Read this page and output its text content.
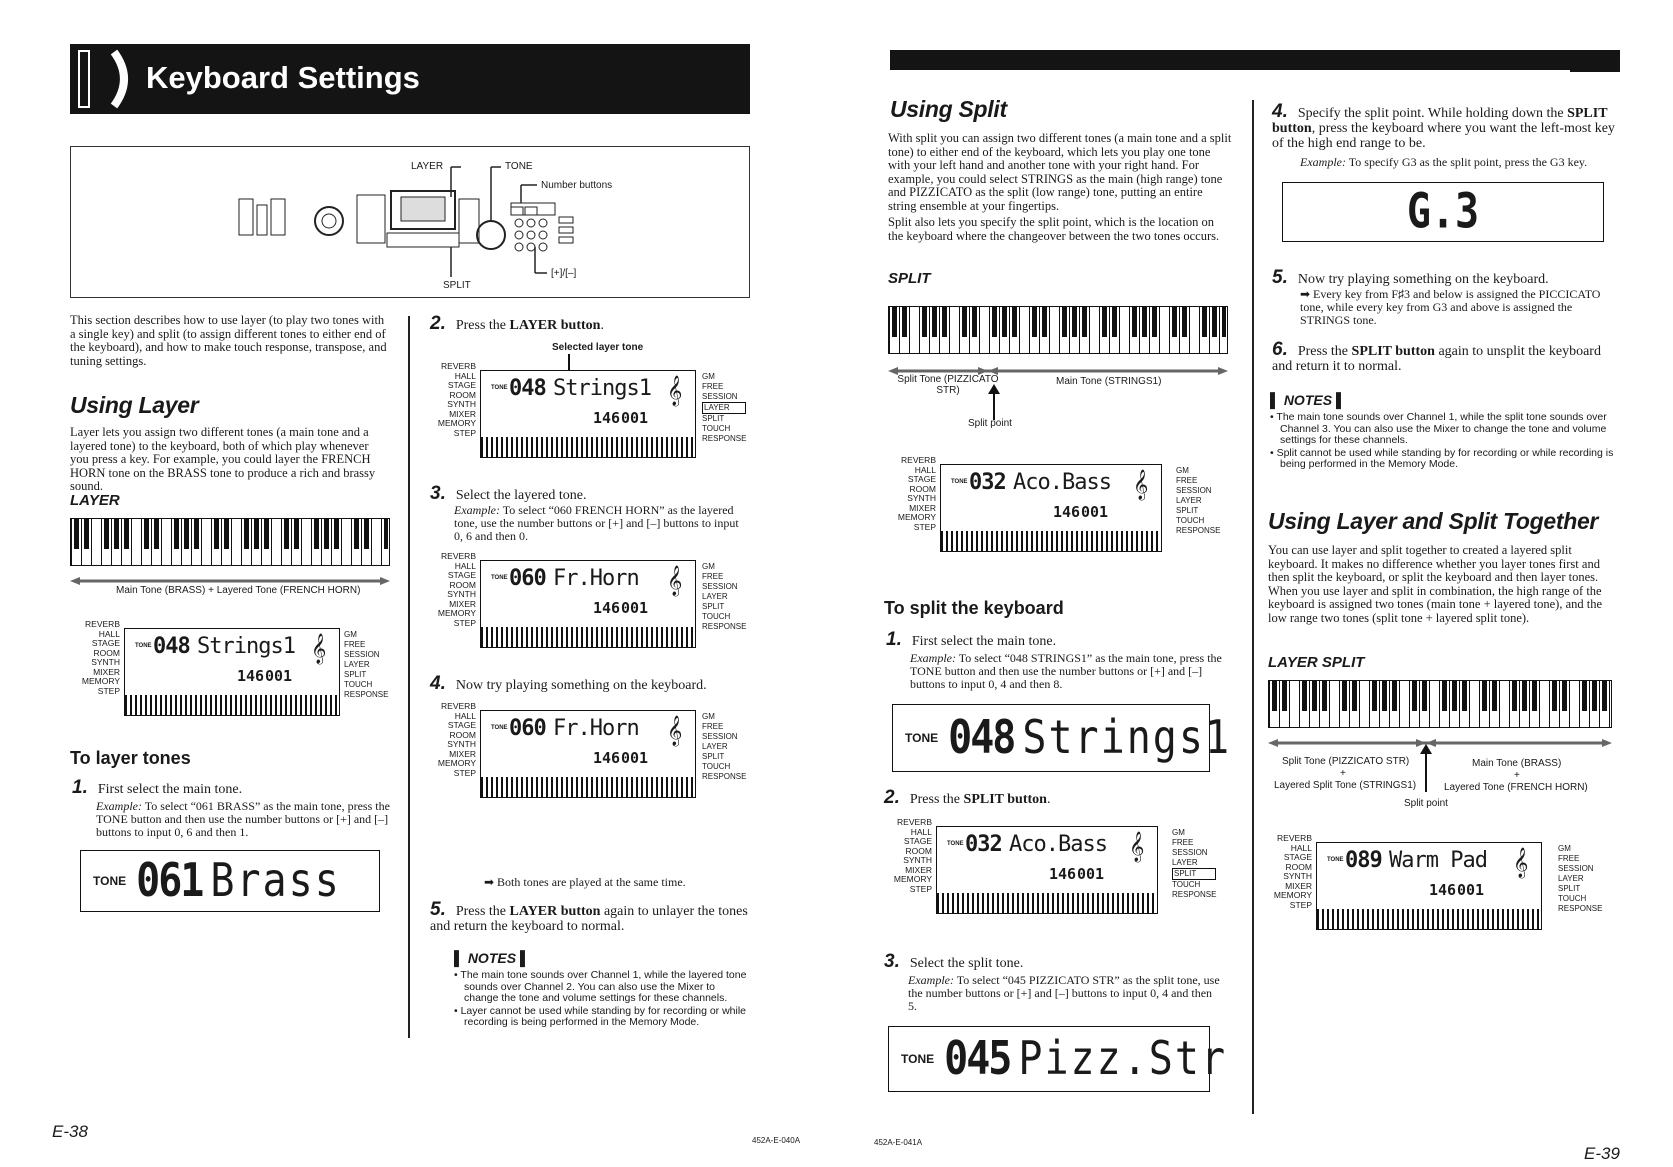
Keyboard Settings
LAYER	TONE
Number buttons
SPLIT
[+]/[–]
This section describes how to use layer (to play two tones with a single key) and split (to assign different tones to either end of the keyboard), and how to make touch response, transpose, and tuning settings.
Using Layer
Layer lets you assign two different tones (a main tone and a layered tone) to the keyboard, both of which play whenever you press a key. For example, you could layer the FRENCH HORN tone on the BRASS tone to produce a rich and brassy sound.
LAYER
Main Tone (BRASS) + Layered Tone (FRENCH HORN)
REVERB
HALL
STAGE
ROOM
SYNTH
MIXER
MEMORY
STEP
TONE 048 Strings1
146 001
𝄞 GM
FREE SESSION
LAYER
SPLIT
TOUCH RESPONSE
To layer tones
1. First select the main tone.
Example: To select “061 BRASS” as the main tone, press the TONE button and then use the number buttons or [+] and [–] buttons to input 0, 6 and then 1.
TONE 061 Brass
2. Press the LAYER button.
Selected layer tone
REVERB
HALL
STAGE
ROOM
SYNTH
MIXER
MEMORY
STEP
TONE 048 Strings1
146 001
𝄞 GM
FREE SESSION
LAYER
SPLIT
TOUCH RESPONSE
3. Select the layered tone.
Example: To select “060 FRENCH HORN” as the layered tone, use the number buttons or [+] and [–] buttons to input 0, 6 and then 0.
REVERB
HALL
STAGE
ROOM
SYNTH
MIXER
MEMORY
STEP
TONE 060 Fr.Horn
146 001
𝄞 GM
FREE SESSION
LAYER
SPLIT
TOUCH RESPONSE
4. Now try playing something on the keyboard.
REVERB
HALL
STAGE
ROOM
SYNTH
MIXER
MEMORY
STEP
TONE 060 Fr.Horn
146 001
𝄞 GM
FREE SESSION
LAYER
SPLIT
TOUCH RESPONSE
➡ Both tones are played at the same time.
5. Press the LAYER button again to unlayer the tones and return the keyboard to normal.
▌ NOTES ▌
• The main tone sounds over Channel 1, while the layered tone sounds over Channel 2. You can also use the Mixer to change the tone and volume settings for these channels.
• Layer cannot be used while standing by for recording or while recording is being performed in the Memory Mode.
E-38	452A-E-040A
Using Split
With split you can assign two different tones (a main tone and a split tone) to either end of the keyboard, which lets you play one tone with your left hand and another tone with your right hand. For example, you could select STRINGS as the main (high range) tone and PIZZICATO as the split (low range) tone, putting an entire string ensemble at your fingertips.
Split also lets you specify the split point, which is the location on the keyboard where the changeover between the two tones occurs.
SPLIT
Split Tone (PIZZICATO STR)
Main Tone (STRINGS1)
Split point
REVERB
HALL
STAGE
ROOM
SYNTH
MIXER
MEMORY
STEP
TONE 032 Aco.Bass
146 001
𝄞	GM
FREE SESSION
LAYER
SPLIT
TOUCH RESPONSE
To split the keyboard
1. First select the main tone.
Example: To select “048 STRINGS1” as the main tone, press the TONE button and then use the number buttons or [+] and [–] buttons to input 0, 4 and then 8.
TONE 048 Strings1
2. Press the SPLIT button.
REVERB
HALL
STAGE
ROOM
SYNTH
MIXER
MEMORY
STEP
TONE 032 Aco.Bass
146 001
𝄞	GM
FREE SESSION
LAYER
SPLIT
TOUCH RESPONSE
3. Select the split tone.
Example: To select “045 PIZZICATO STR” as the split tone, use the number buttons or [+] and [–] buttons to input 0, 4 and then 5.
TONE 045 Pizz.Str
452A-E-041A
4. Specify the split point. While holding down the SPLIT button, press the keyboard where you want the left-most key of the high end range to be.
Example: To specify G3 as the split point, press the G3 key.
G.3
5. Now try playing something on the keyboard.
➡ Every key from F♯3 and below is assigned the PICCICATO tone, while every key from G3 and above is assigned the STRINGS tone.
6. Press the SPLIT button again to unsplit the keyboard and return it to normal.
▌ NOTES ▌
• The main tone sounds over Channel 1, while the split tone sounds over Channel 3. You can also use the Mixer to change the tone and volume settings for these channels.
• Split cannot be used while standing by for recording or while recording is being performed in the Memory Mode.
Using Layer and Split Together
You can use layer and split together to created a layered split keyboard. It makes no difference whether you layer tones first and then split the keyboard, or split the keyboard and then layer tones. When you use layer and split in combination, the high range of the keyboard is assigned two tones (main tone + layered tone), and the low range two tones (split tone + layered split tone).
LAYER SPLIT
Split Tone (PIZZICATO STR)
+
Layered Split Tone (STRINGS1)
Main Tone (BRASS)
+
Layered Tone (FRENCH HORN)
Split point
REVERB
HALL
STAGE
ROOM
SYNTH
MIXER
MEMORY
STEP
TONE 089 Warm Pad
146 001
𝄞	GM
FREE SESSION
LAYER
SPLIT
TOUCH RESPONSE
E-39
